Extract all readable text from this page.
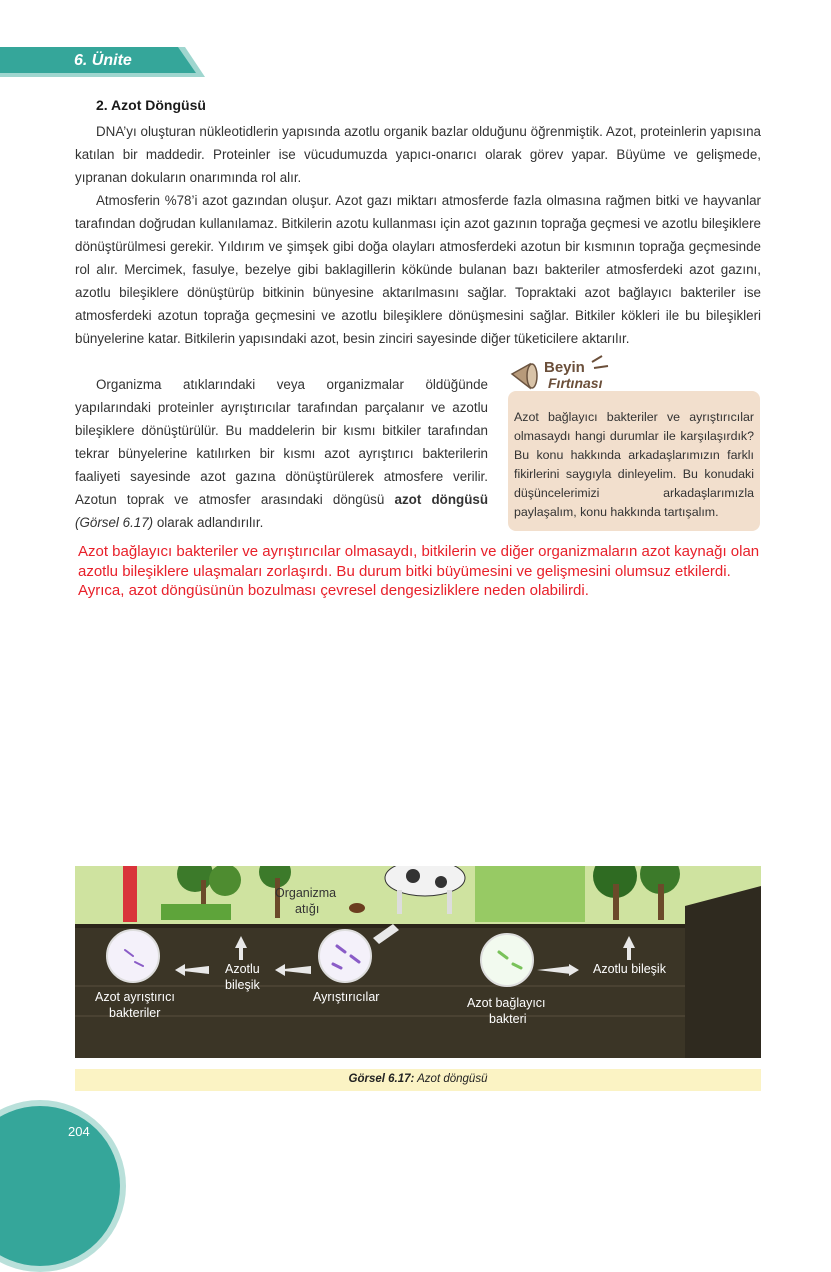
6. Ünite
2. Azot Döngüsü

DNA’yı oluşturan nükleotidlerin yapısında azotlu organik bazlar olduğunu öğrenmiştik. Azot, proteinlerin yapısına katılan bir maddedir. Proteinler ise vücudumuzda yapıcı-onarıcı olarak görev yapar. Büyüme ve gelişmede, yıpranan dokuların onarımında rol alır.

Atmosferin %78’i azot gazından oluşur. Azot gazı miktarı atmosferde fazla olmasına rağmen bitki ve hayvanlar tarafından doğrudan kullanılamaz. Bitkilerin azotu kullanması için azot gazının toprağa geçmesi ve azotlu bileşiklere dönüştürülmesi gerekir. Yıldırım ve şimşek gibi doğa olayları atmosferdeki azotun bir kısmının toprağa geçmesinde rol alır. Mercimek, fasulye, bezelye gibi baklagillerin kökünde bulanan bazı bakteriler atmosferdeki azot gazını, azotlu bileşiklere dönüştürüp bitkinin bünyesine aktarılmasını sağlar. Topraktaki azot bağlayıcı bakteriler ise atmosferdeki azotun toprağa geçmesini ve azotlu bileşiklere dönüşmesini sağlar. Bitkiler kökleri ile bu bileşikleri bünyelerine katar. Bitkilerin yapısındaki azot, besin zinciri sayesinde diğer tüketicilere aktarılır.

Organizma atıklarındaki veya organizmalar öldüğünde yapılarındaki proteinler ayrıştırıcılar tarafından parçalanır ve azotlu bileşiklere dönüştürülür. Bu maddelerin bir kısmı bitkiler tarafından tekrar bünyelerine katılırken bir kısmı azot ayrıştırıcı bakterilerin faaliyeti sayesinde azot gazına dönüştürülerek atmosfere verilir. Azotun toprak ve atmosfer arasındaki döngüsü azot döngüsü (Görsel 6.17) olarak adlandırılır.

Beyin
Fırtınası
Azot bağlayıcı bakteriler ve ayrıştırıcılar olmasaydı hangi durumlar ile karşılaşırdık? Bu konu hakkında arkadaşlarımızın farklı fikirlerini saygıyla dinleyelim. Bu konudaki düşüncelerimizi arkadaşlarımızla paylaşalım, konu hakkında tartışalım.
Azot bağlayıcı bakteriler ve ayrıştırıcılar olmasaydı, bitkilerin ve diğer organizmaların azot kaynağı olan azotlu bileşiklere ulaşmaları zorlaşırdı. Bu durum bitki büyümesini ve gelişmesini olumsuz etkilerdi. Ayrıca, azot döngüsünün bozulması çevresel dengesizliklere neden olabilirdi.
Organizma
atığı
Azot ayrıştırıcı
bakteriler
Azotlu
bileşik
Ayrıştırıcılar	Azot bağlayıcı
bakteri
Azotlu bileşik
Görsel 6.17: Azot döngüsü
204
